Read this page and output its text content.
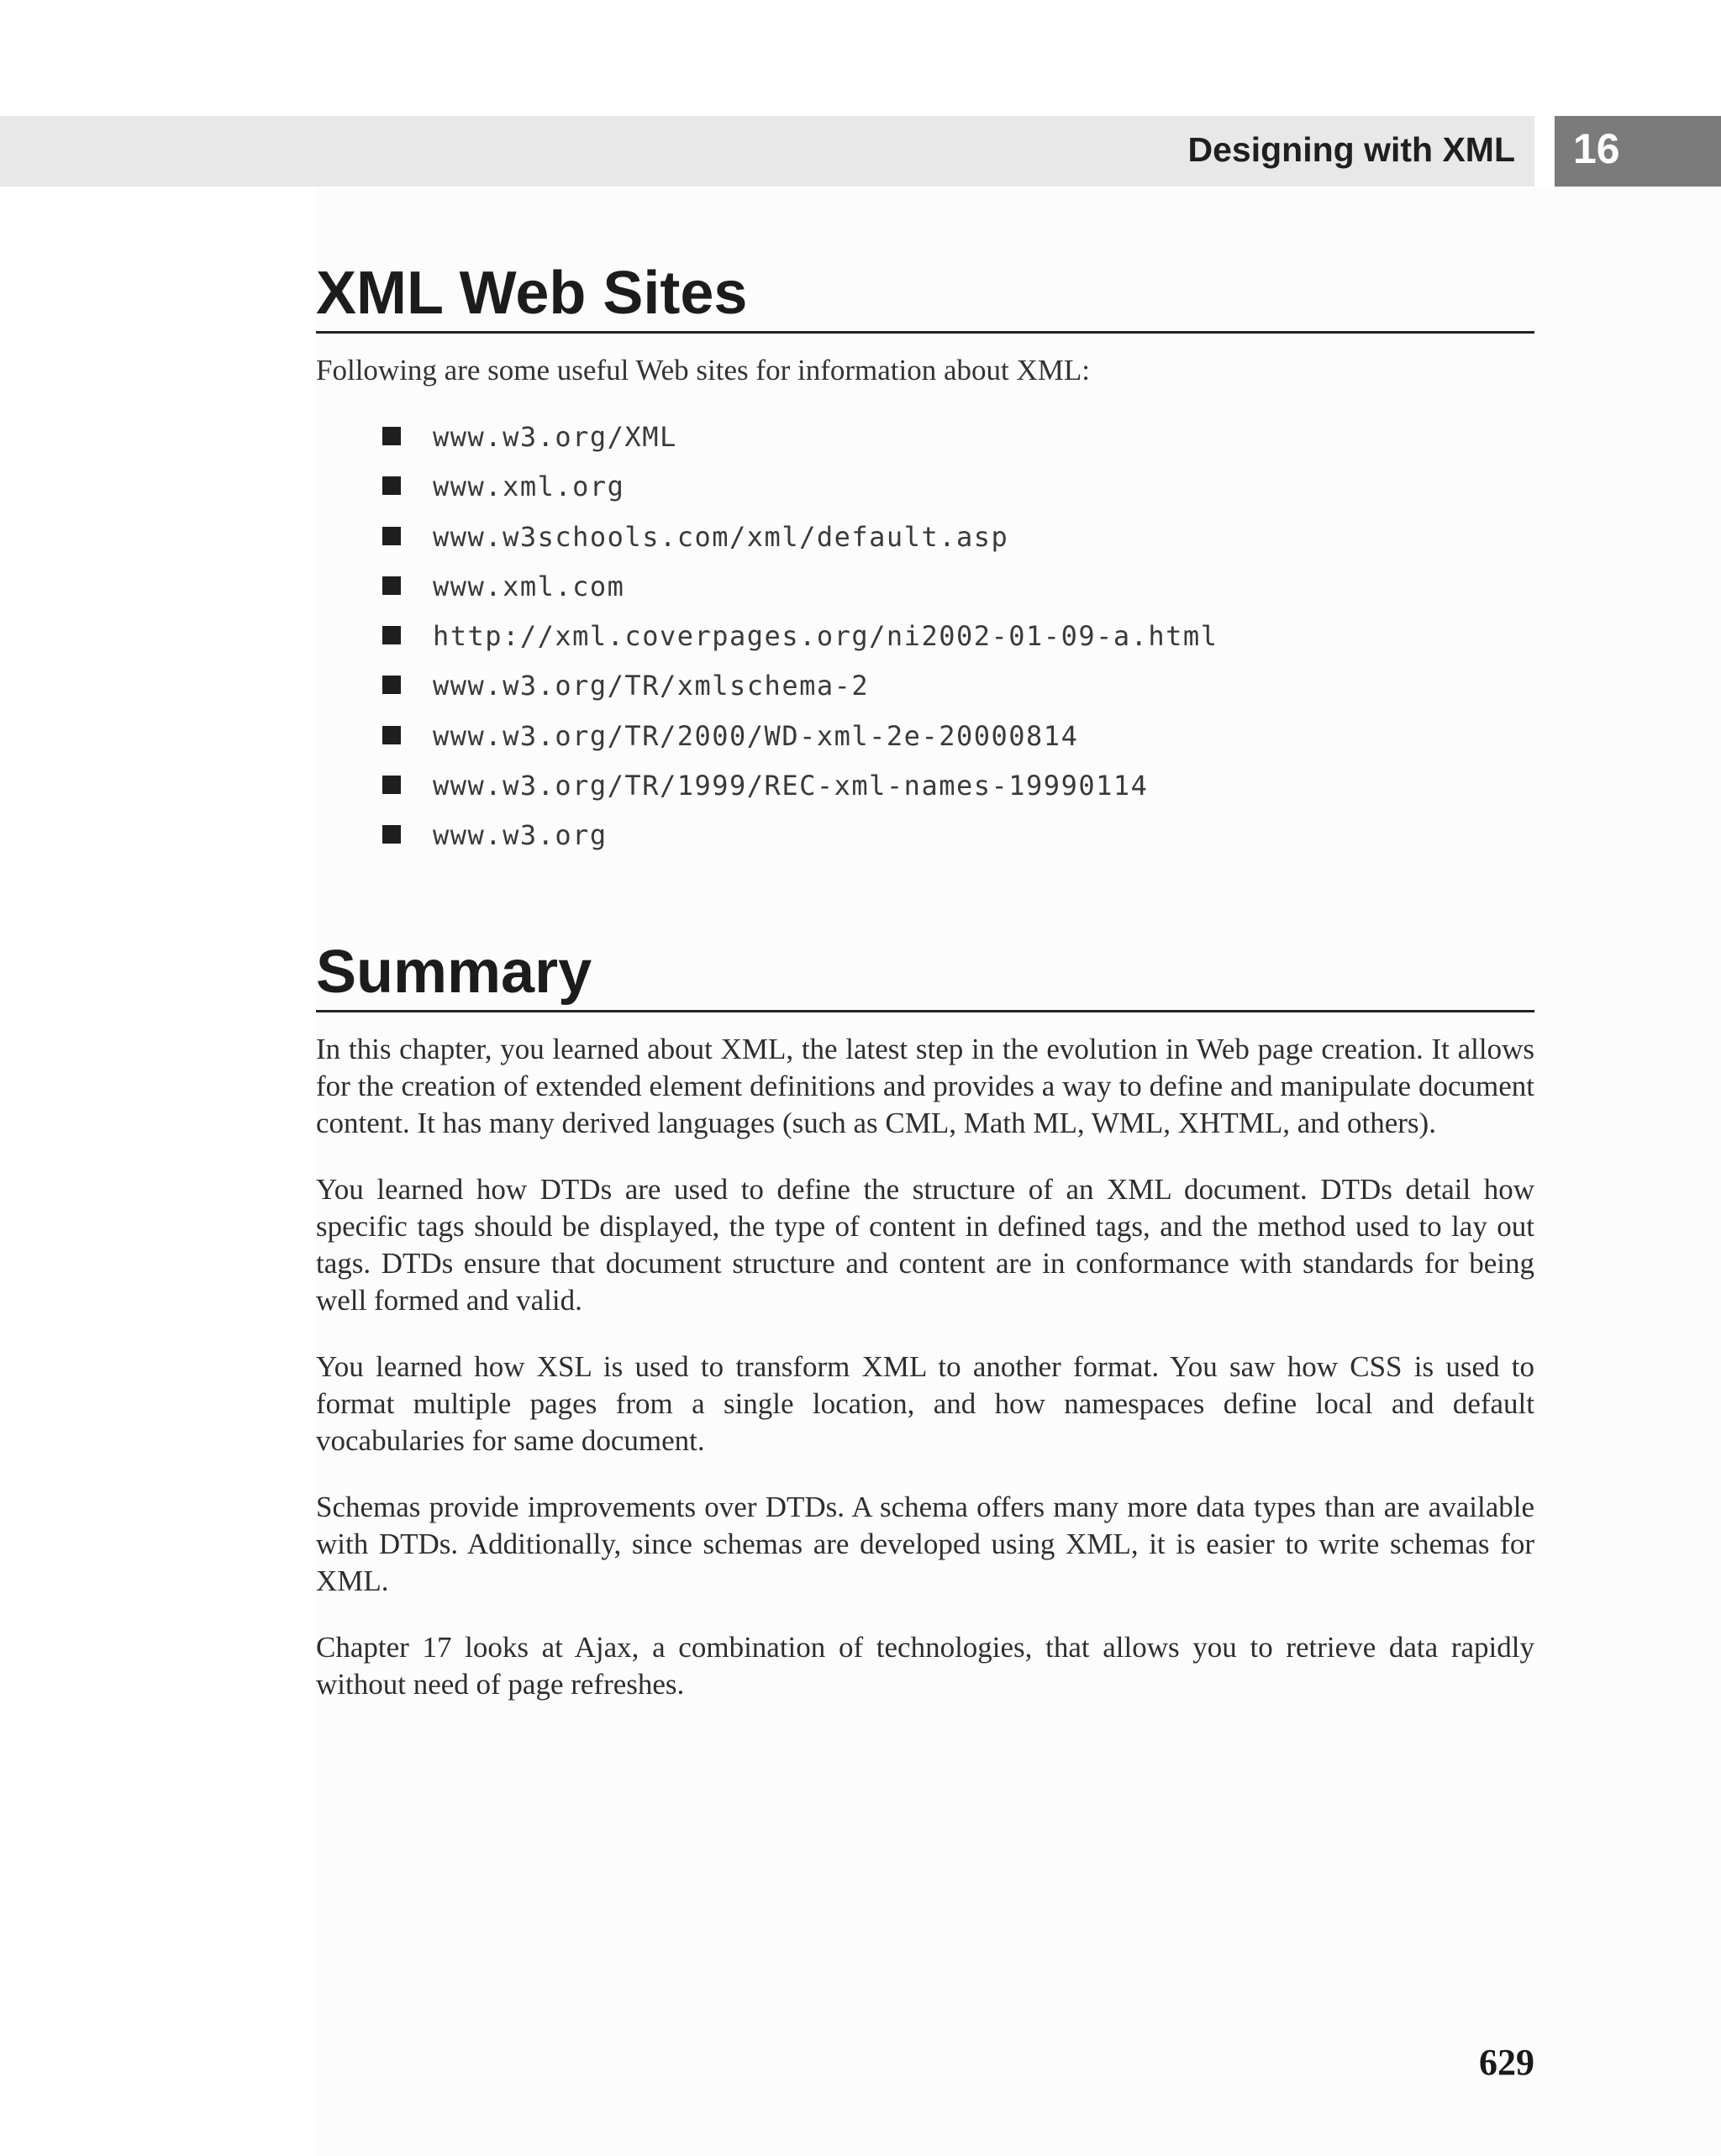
Designing with XML 16
XML Web Sites

Following are some useful Web sites for information about XML:

www.w3.org/XML
www.xml.org
www.w3schools.com/xml/default.asp
www.xml.com
http://xml.coverpages.org/ni2002-01-09-a.html
www.w3.org/TR/xmlschema-2
www.w3.org/TR/2000/WD-xml-2e-20000814
www.w3.org/TR/1999/REC-xml-names-19990114
www.w3.org
Summary

In this chapter, you learned about XML, the latest step in the evolution in Web page creation. It allows for the creation of extended element definitions and provides a way to define and manipulate document content. It has many derived languages (such as CML, Math ML, WML, XHTML, and others).

You learned how DTDs are used to define the structure of an XML document. DTDs detail how specific tags should be displayed, the type of content in defined tags, and the method used to lay out tags. DTDs ensure that document structure and content are in conformance with standards for being well formed and valid.

You learned how XSL is used to transform XML to another format. You saw how CSS is used to format multiple pages from a single location, and how namespaces define local and default vocabularies for same document.

Schemas provide improvements over DTDs. A schema offers many more data types than are available with DTDs. Additionally, since schemas are developed using XML, it is easier to write schemas for XML.

Chapter 17 looks at Ajax, a combination of technologies, that allows you to retrieve data rapidly without need of page refreshes.

629
